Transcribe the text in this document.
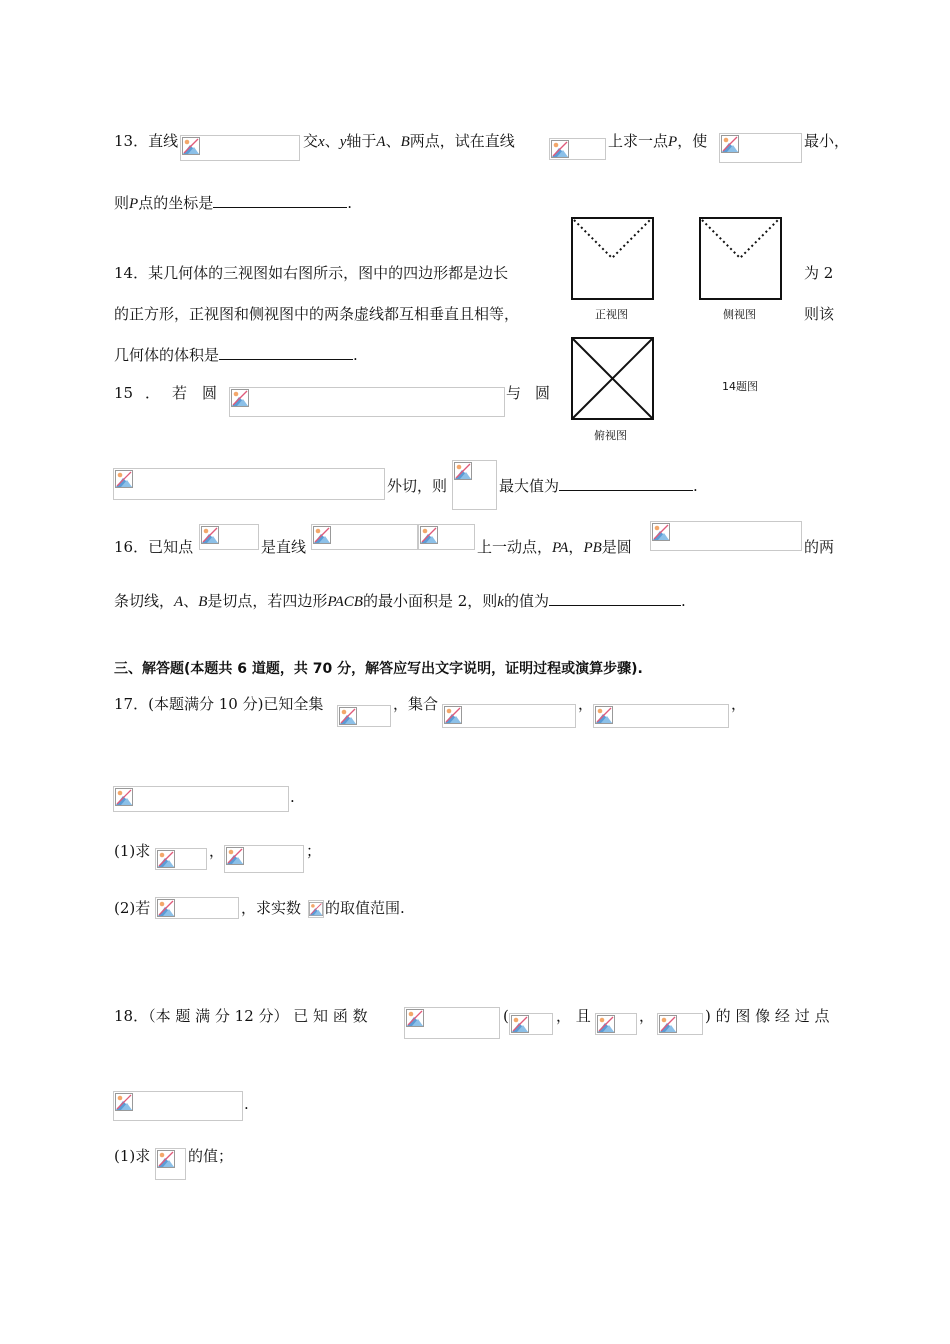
13．直线	交x、y轴于A、B两点，试在直线	上求一点P，使	最小，
则P点的坐标是	.
14．某几何体的三视图如右图所示，图中的四边形都是边长	为 2
的正方形，正视图和侧视图中的两条虚线都互相垂直且相等，	则该
几何体的体积是	.
正视图	侧视图
俯视图
14题图
15 ． 若 圆	与 圆
外切，则	最大值为	.
16．已知点	是直线	上一动点，PA，PB是圆	的两
条切线，A、B是切点，若四边形PACB的最小面积是 2，则k的值为	.
三、解答题(本题共 6 道题，共 70 分，解答应写出文字说明，证明过程或演算步骤).
17．(本题满分 10 分)已知全集	，集合	，	，
.
(1)求	，	；
(2)若	，求实数 的取值范围.
18．（本 题 满 分 12 分） 已 知 函 数	(	， 且	，	) 的 图 像 经 过 点
.
(1)求	的值；
